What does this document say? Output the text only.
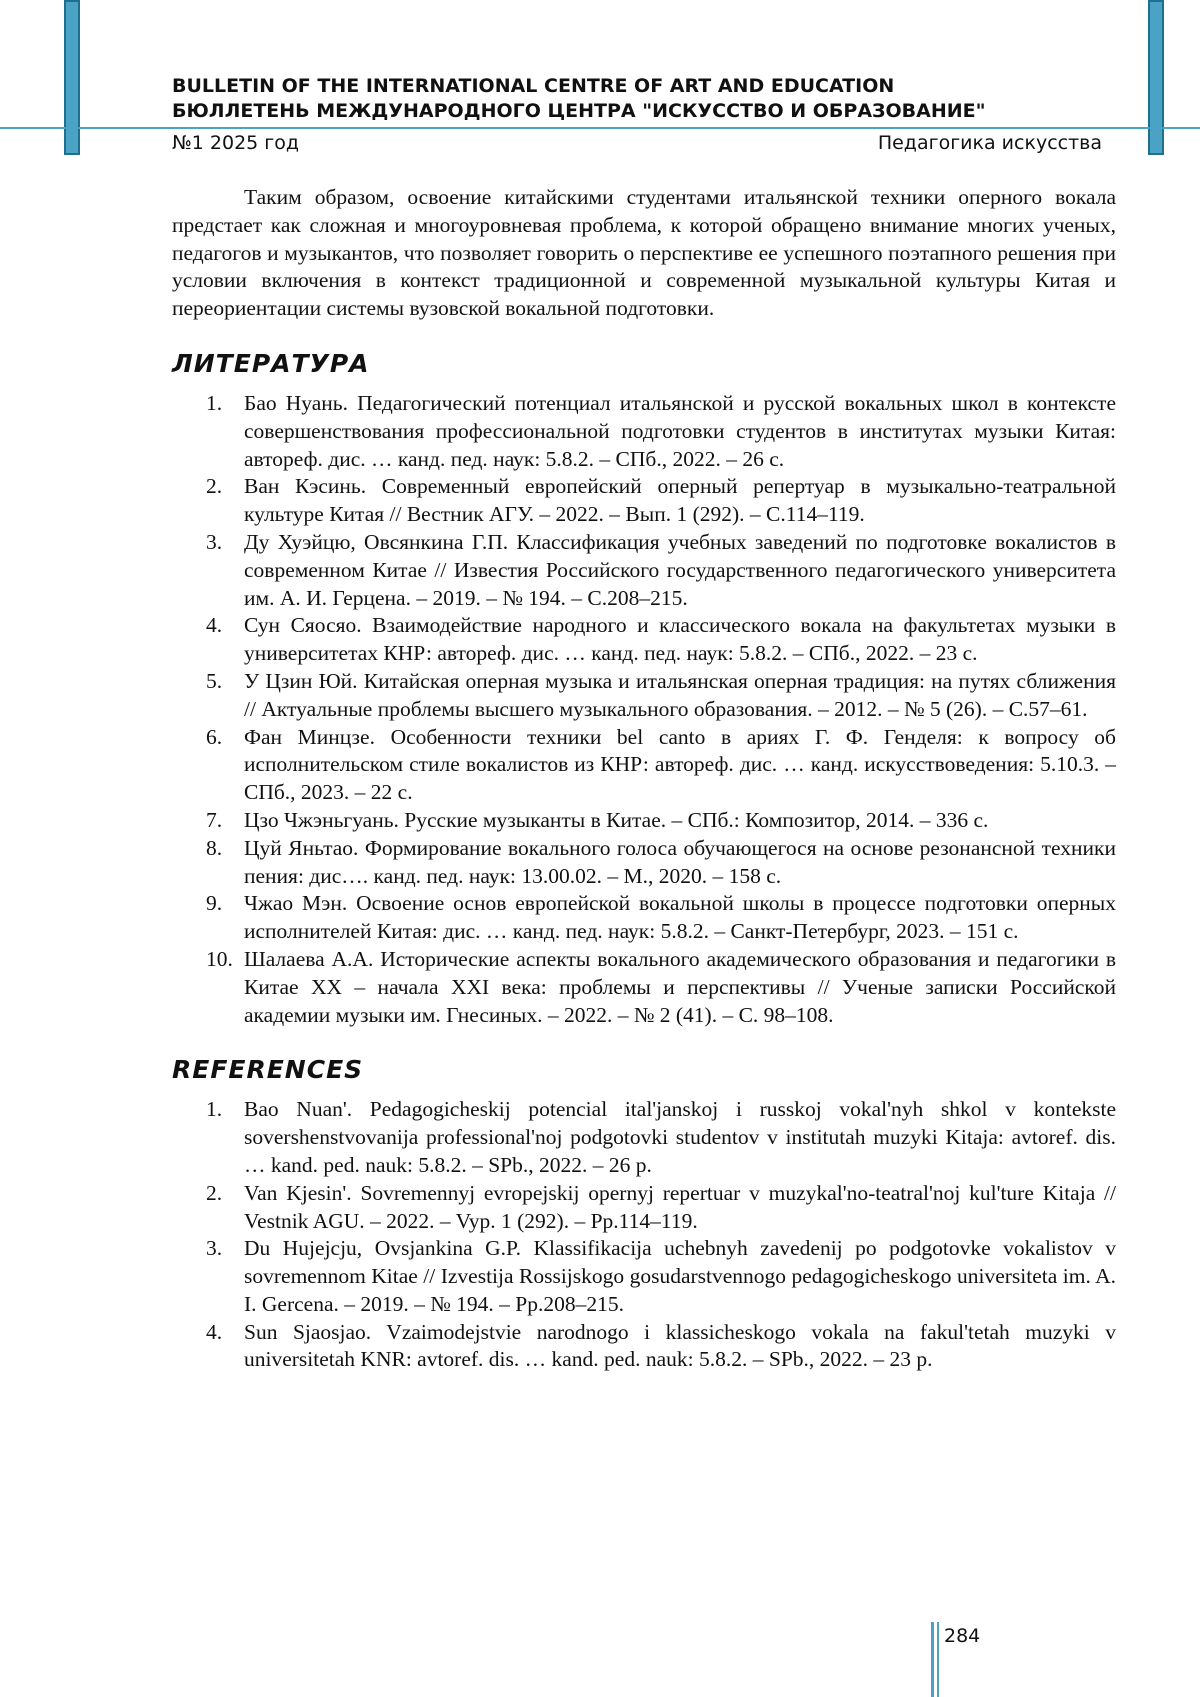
BULLETIN OF THE INTERNATIONAL CENTRE OF ART AND EDUCATION
БЮЛЛЕТЕНЬ МЕЖДУНАРОДНОГО ЦЕНТРА "ИСКУССТВО И ОБРАЗОВАНИЕ"
№1 2025 год	Педагогика искусства

Таким образом, освоение китайскими студентами итальянской техники оперного вокала предстает как сложная и многоуровневая проблема, к которой обращено внимание многих ученых, педагогов и музыкантов, что позволяет говорить о перспективе ее успешного поэтапного решения при условии включения в контекст традиционной и современной музыкальной культуры Китая и переориентации системы вузовской вокальной подготовки.

ЛИТЕРАТУРА
1. Бао Нуань. Педагогический потенциал итальянской и русской вокальных школ в контексте совершенствования профессиональной подготовки студентов в институтах музыки Китая: автореф. дис. … канд. пед. наук: 5.8.2. – СПб., 2022. – 26 с.
2. Ван Кэсинь. Современный европейский оперный репертуар в музыкально-театральной культуре Китая // Вестник АГУ. – 2022. – Вып. 1 (292). – С.114–119.
3. Ду Хуэйцю, Овсянкина Г.П. Классификация учебных заведений по подготовке вокалистов в современном Китае // Известия Российского государственного педагогического университета им. А. И. Герцена. – 2019. – № 194. – С.208–215.
4. Сун Сяосяо. Взаимодействие народного и классического вокала на факультетах музыки в университетах КНР: автореф. дис. … канд. пед. наук: 5.8.2. – СПб., 2022. – 23 с.
5. У Цзин Юй. Китайская оперная музыка и итальянская оперная традиция: на путях сближения // Актуальные проблемы высшего музыкального образования. – 2012. – № 5 (26). – С.57–61.
6. Фан Минцзе. Особенности техники bel canto в ариях Г. Ф. Генделя: к вопросу об исполнительском стиле вокалистов из КНР: автореф. дис. … канд. искусствоведения: 5.10.3. – СПб., 2023. – 22 с.
7. Цзо Чжэньгуань. Русские музыканты в Китае. – СПб.: Композитор, 2014. – 336 с.
8. Цуй Яньтао. Формирование вокального голоса обучающегося на основе резонансной техники пения: дис…. канд. пед. наук: 13.00.02. – М., 2020. – 158 с.
9. Чжао Мэн. Освоение основ европейской вокальной школы в процессе подготовки оперных исполнителей Китая: дис. … канд. пед. наук: 5.8.2. – Санкт-Петербург, 2023. – 151 с.
10. Шалаева А.А. Исторические аспекты вокального академического образования и педагогики в Китае XX – начала XXI века: проблемы и перспективы // Ученые записки Российской академии музыки им. Гнесиных. – 2022. – № 2 (41). – С. 98–108.
REFERENCES
1. Bao Nuan'. Pedagogicheskij potencial ital'janskoj i russkoj vokal'nyh shkol v kontekste sovershenstvovanija professional'noj podgotovki studentov v institutah muzyki Kitaja: avtoref. dis. … kand. ped. nauk: 5.8.2. – SPb., 2022. – 26 p.
2. Van Kjesin'. Sovremennyj evropejskij opernyj repertuar v muzykal'no-teatral'noj kul'ture Kitaja // Vestnik AGU. – 2022. – Vyp. 1 (292). – Pp.114–119.
3. Du Hujejcju, Ovsjankina G.P. Klassifikacija uchebnyh zavedenij po podgotovke vokalistov v sovremennom Kitae // Izvestija Rossijskogo gosudarstvennogo pedagogicheskogo universiteta im. A. I. Gercena. – 2019. – № 194. – Pp.208–215.
4. Sun Sjaosjao. Vzaimodejstvie narodnogo i klassicheskogo vokala na fakul'tetah muzyki v universitetah KNR: avtoref. dis. … kand. ped. nauk: 5.8.2. – SPb., 2022. – 23 p.
284
